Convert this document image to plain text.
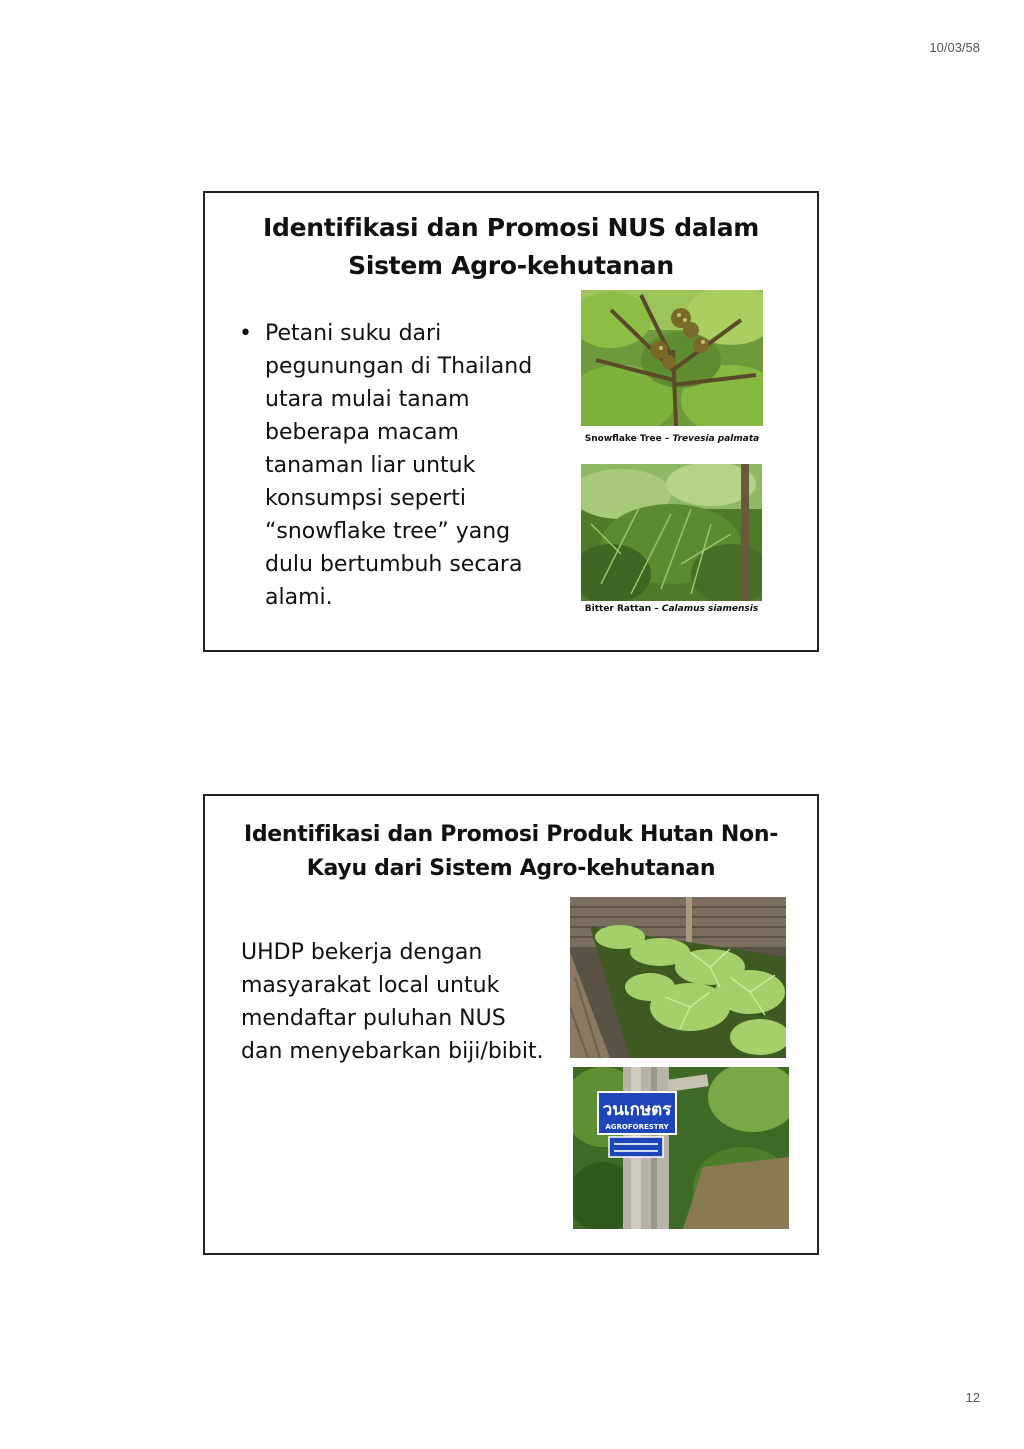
10/03/58
Identifikasi dan Promosi NUS dalam
Sistem Agro-kehutanan
• Petani suku dari
pegunungan di Thailand
utara mulai tanam
beberapa macam
tanaman liar untuk
konsumpsi seperti
“snowflake tree” yang
dulu bertumbuh secara
alami.
Snowflake Tree – Trevesia palmata
Bitter Rattan – Calamus siamensis
Identifikasi dan Promosi Produk Hutan Non-
Kayu dari Sistem Agro-kehutanan
UHDP bekerja dengan
masyarakat local untuk
mendaftar puluhan NUS
dan menyebarkan biji/bibit.
วนเกษตร
AGROFORESTRY
12
